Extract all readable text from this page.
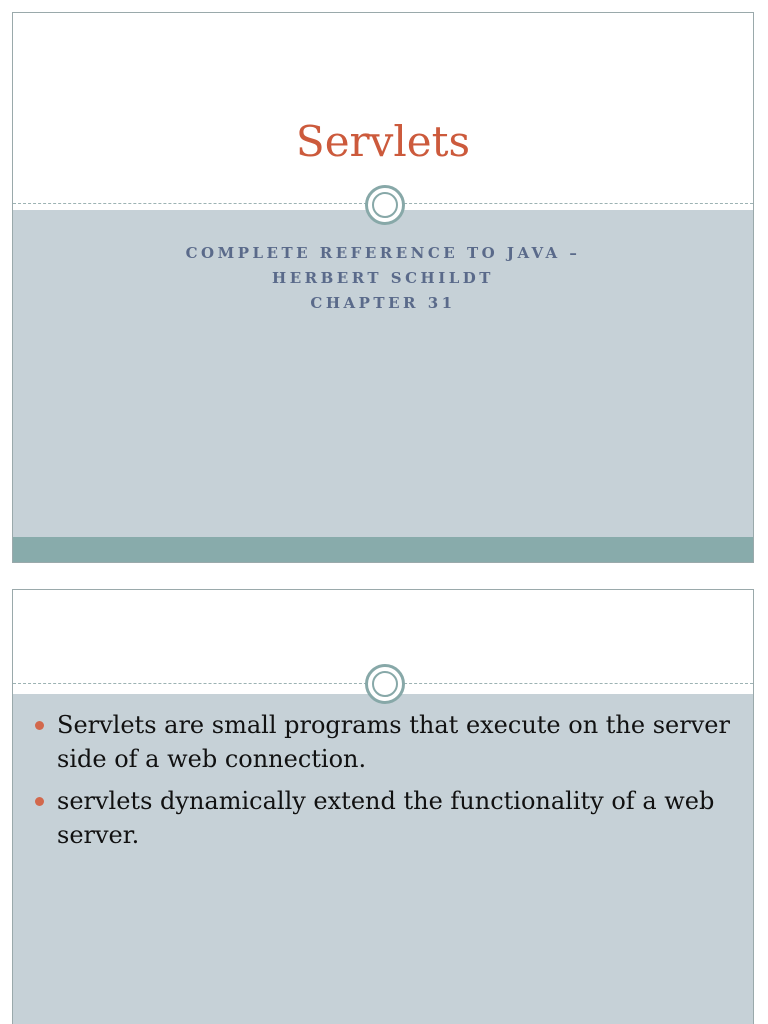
Servlets
COMPLETE REFERENCE TO JAVA –
HERBERT SCHILDT
CHAPTER 31
Servlets are small programs that execute on the server side of a web connection.
servlets dynamically extend the functionality of a web server.
